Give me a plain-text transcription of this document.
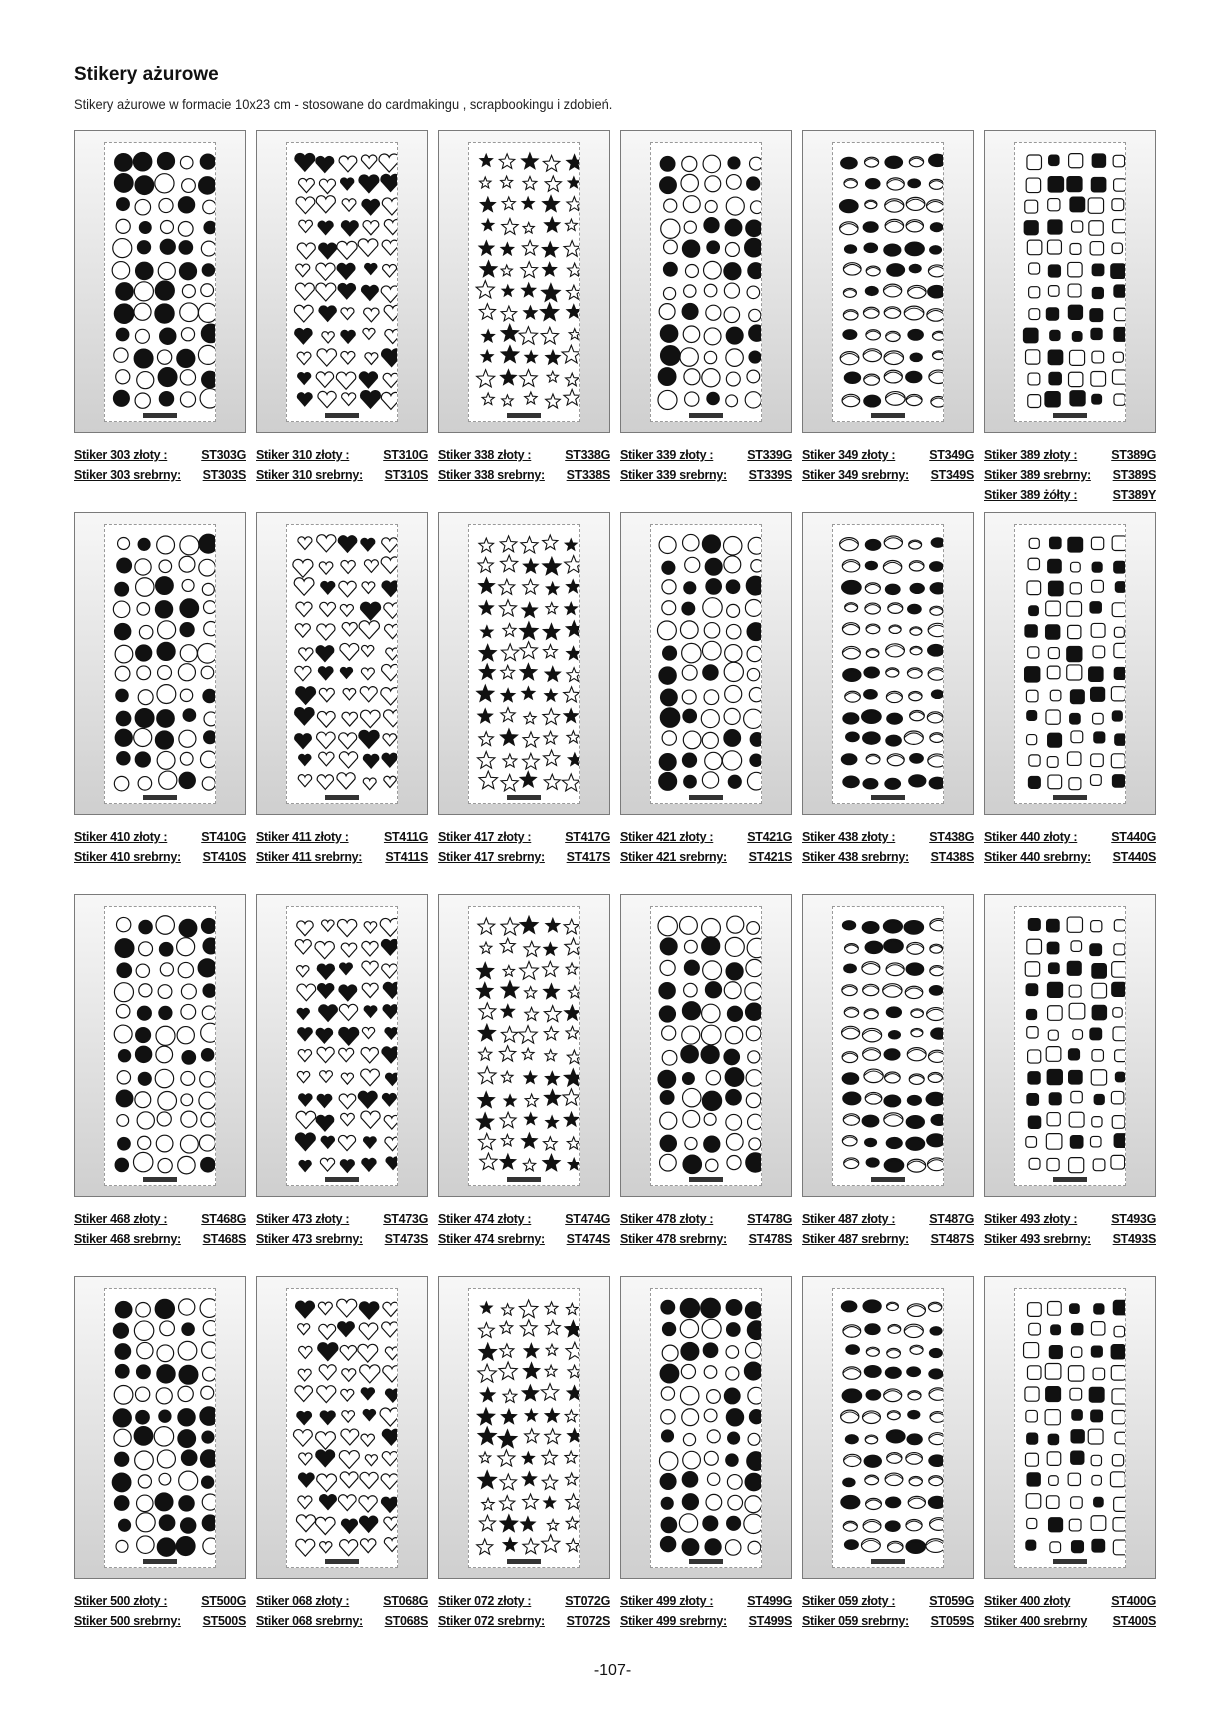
Stikery ażurowe
Stikery ażurowe w formacie 10x23 cm - stosowane do cardmakingu , scrapbookingu i zdobień.
Stiker 303 złoty :	ST303G
Stiker 303 srebrny: ST303S
Stiker 310 złoty :	ST310G
Stiker 310 srebrny: ST310S
Stiker 338 złoty :	ST338G
Stiker 338 srebrny: ST338S
Stiker 339 złoty :	ST339G
Stiker 339 srebrny: ST339S
Stiker 349 złoty :	ST349G
Stiker 349 srebrny: ST349S
Stiker 389 złoty :	ST389G
Stiker 389 srebrny: ST389S
Stiker 389 żółty :	ST389Y
Stiker 410 złoty :	ST410G
Stiker 410 srebrny: ST410S
Stiker 411 złoty :	ST411G
Stiker 411 srebrny: ST411S
Stiker 417 złoty :	ST417G
Stiker 417 srebrny: ST417S
Stiker 421 złoty :	ST421G
Stiker 421 srebrny: ST421S
Stiker 438 złoty :	ST438G
Stiker 438 srebrny: ST438S
Stiker 440 złoty :	ST440G
Stiker 440 srebrny: ST440S
Stiker 468 złoty :	ST468G
Stiker 468 srebrny: ST468S
Stiker 473 złoty :	ST473G
Stiker 473 srebrny: ST473S
Stiker 474 złoty :	ST474G
Stiker 474 srebrny: ST474S
Stiker 478 złoty :	ST478G
Stiker 478 srebrny: ST478S
Stiker 487 złoty :	ST487G
Stiker 487 srebrny: ST487S
Stiker 493 złoty :	ST493G
Stiker 493 srebrny: ST493S
Stiker 500 złoty :	ST500G
Stiker 500 srebrny: ST500S
Stiker 068 złoty :	ST068G
Stiker 068 srebrny: ST068S
Stiker 072 złoty :	ST072G
Stiker 072 srebrny: ST072S
Stiker 499 złoty :	ST499G
Stiker 499 srebrny: ST499S
Stiker 059 złoty :	ST059G
Stiker 059 srebrny: ST059S
Stiker 400 złoty	ST400G
Stiker 400 srebrny ST400S
-107-
